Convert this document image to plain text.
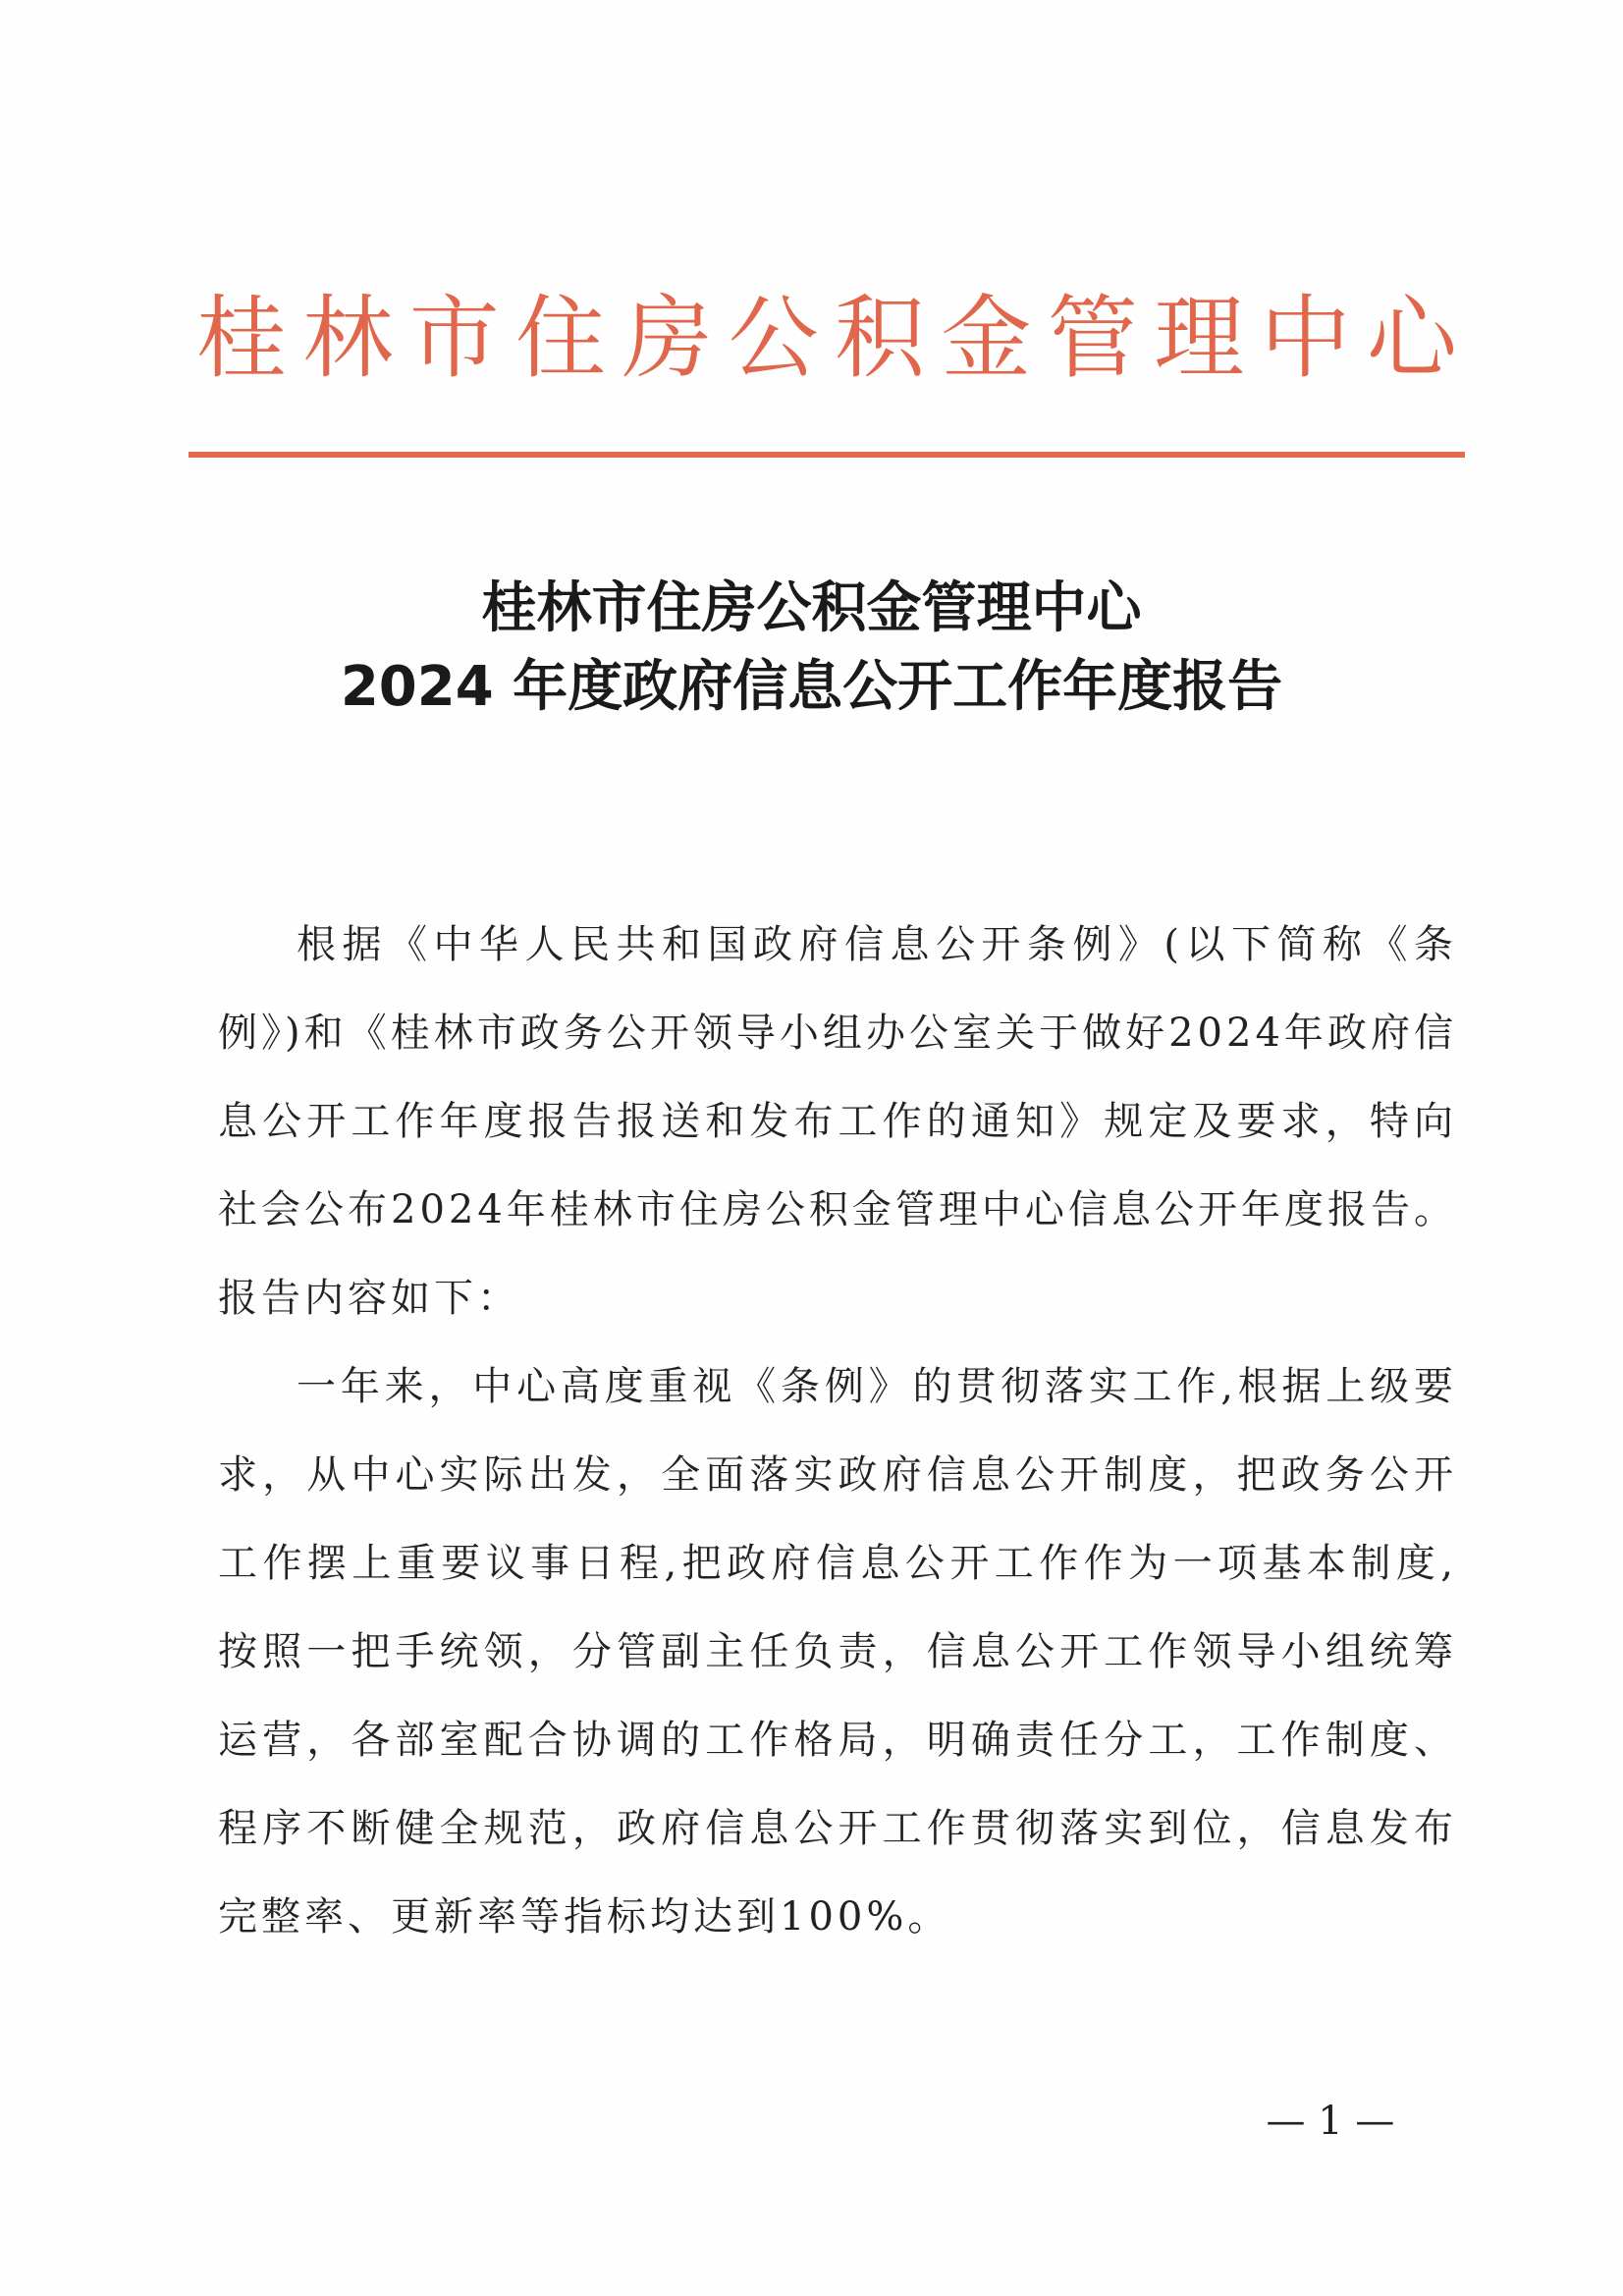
桂林市住房公积金管理中心
桂林市住房公积金管理中心
2024 年度政府信息公开工作年度报告

根据《中华人民共和国政府信息公开条例》(以下简称《条例》)和《桂林市政务公开领导小组办公室关于做好2024年政府信息公开工作年度报告报送和发布工作的通知》规定及要求，特向社会公布2024年桂林市住房公积金管理中心信息公开年度报告。报告内容如下：

一年来，中心高度重视《条例》的贯彻落实工作,根据上级要求，从中心实际出发，全面落实政府信息公开制度，把政务公开工作摆上重要议事日程,把政府信息公开工作作为一项基本制度,按照一把手统领，分管副主任负责，信息公开工作领导小组统筹运营，各部室配合协调的工作格局，明确责任分工，工作制度、程序不断健全规范，政府信息公开工作贯彻落实到位，信息发布完整率、更新率等指标均达到100%。

— 1 —
